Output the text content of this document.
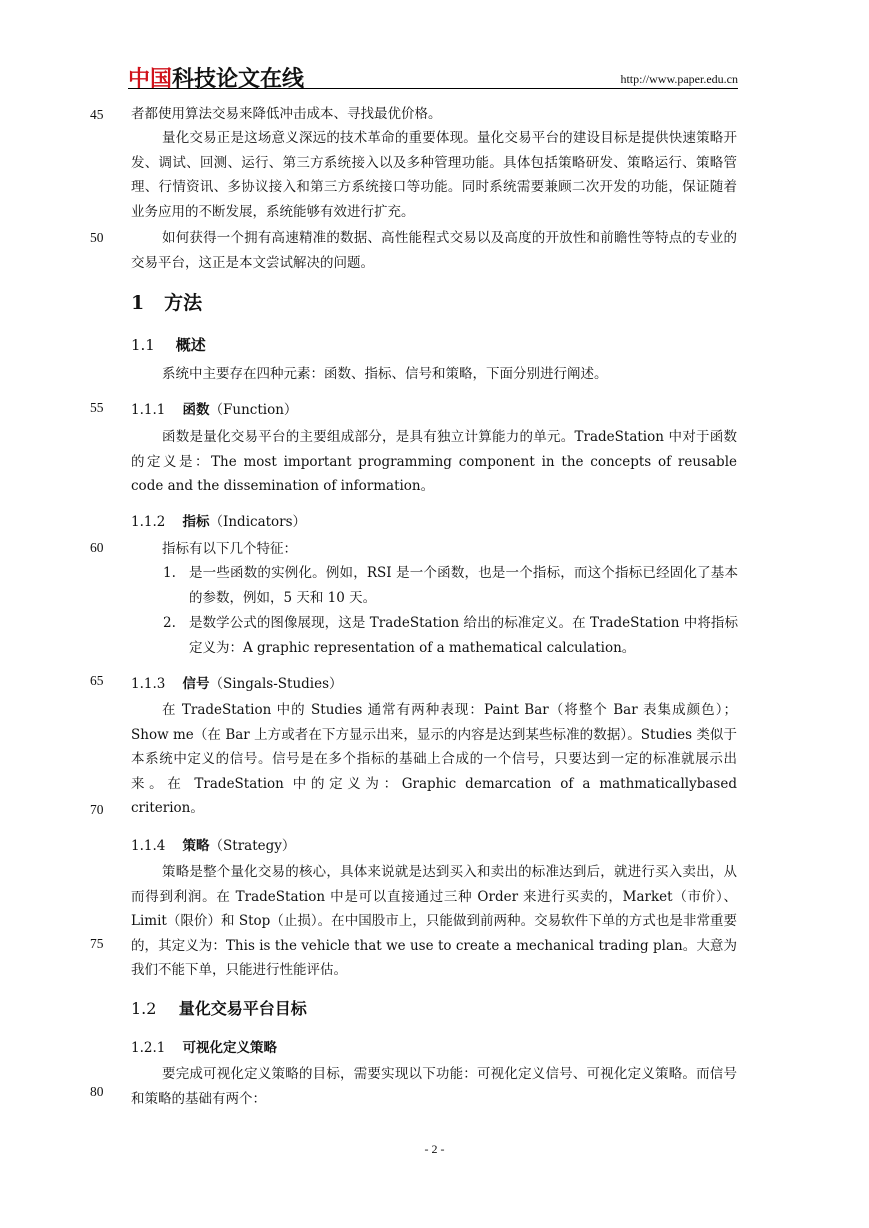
中国科技论文在线	http://www.paper.edu.cn
45
50
55
60
65
70
75
80
者都使用算法交易来降低冲击成本、寻找最优价格。
量化交易正是这场意义深远的技术革命的重要体现。量化交易平台的建设目标是提供快速策略开发、调试、回测、运行、第三方系统接入以及多种管理功能。具体包括策略研发、策略运行、策略管理、行情资讯、多协议接入和第三方系统接口等功能。同时系统需要兼顾二次开发的功能，保证随着业务应用的不断发展，系统能够有效进行扩充。
如何获得一个拥有高速精准的数据、高性能程式交易以及高度的开放性和前瞻性等特点的专业的交易平台，这正是本文尝试解决的问题。
1 方法
1.1 概述
系统中主要存在四种元素：函数、指标、信号和策略，下面分别进行阐述。
1.1.1 函数（Function）
函数是量化交易平台的主要组成部分，是具有独立计算能力的单元。TradeStation 中对于函数的定义是：The most important programming component in the concepts of reusable code and the dissemination of information。
1.1.2 指标（Indicators）
指标有以下几个特征：
1. 是一些函数的实例化。例如，RSI 是一个函数，也是一个指标，而这个指标已经固化了基本的参数，例如，5 天和 10 天。
2. 是数学公式的图像展现，这是 TradeStation 给出的标准定义。在 TradeStation 中将指标定义为：A graphic representation of a mathematical calculation。
1.1.3 信号（Singals-Studies）
在 TradeStation 中的 Studies 通常有两种表现：Paint Bar（将整个 Bar 表集成颜色）；Show me（在 Bar 上方或者在下方显示出来，显示的内容是达到某些标准的数据）。Studies 类似于本系统中定义的信号。信号是在多个指标的基础上合成的一个信号，只要达到一定的标准就展示出来。在 TradeStation 中的定义为：Graphic demarcation of a mathmaticallybased criterion。
1.1.4 策略（Strategy）
策略是整个量化交易的核心，具体来说就是达到买入和卖出的标准达到后，就进行买入卖出，从而得到利润。在 TradeStation 中是可以直接通过三种 Order 来进行买卖的，Market（市价）、Limit（限价）和 Stop（止损）。在中国股市上，只能做到前两种。交易软件下单的方式也是非常重要的，其定义为：This is the vehicle that we use to create a mechanical trading plan。大意为我们不能下单，只能进行性能评估。
1.2 量化交易平台目标
1.2.1 可视化定义策略
要完成可视化定义策略的目标，需要实现以下功能：可视化定义信号、可视化定义策略。而信号和策略的基础有两个：
- 2 -
